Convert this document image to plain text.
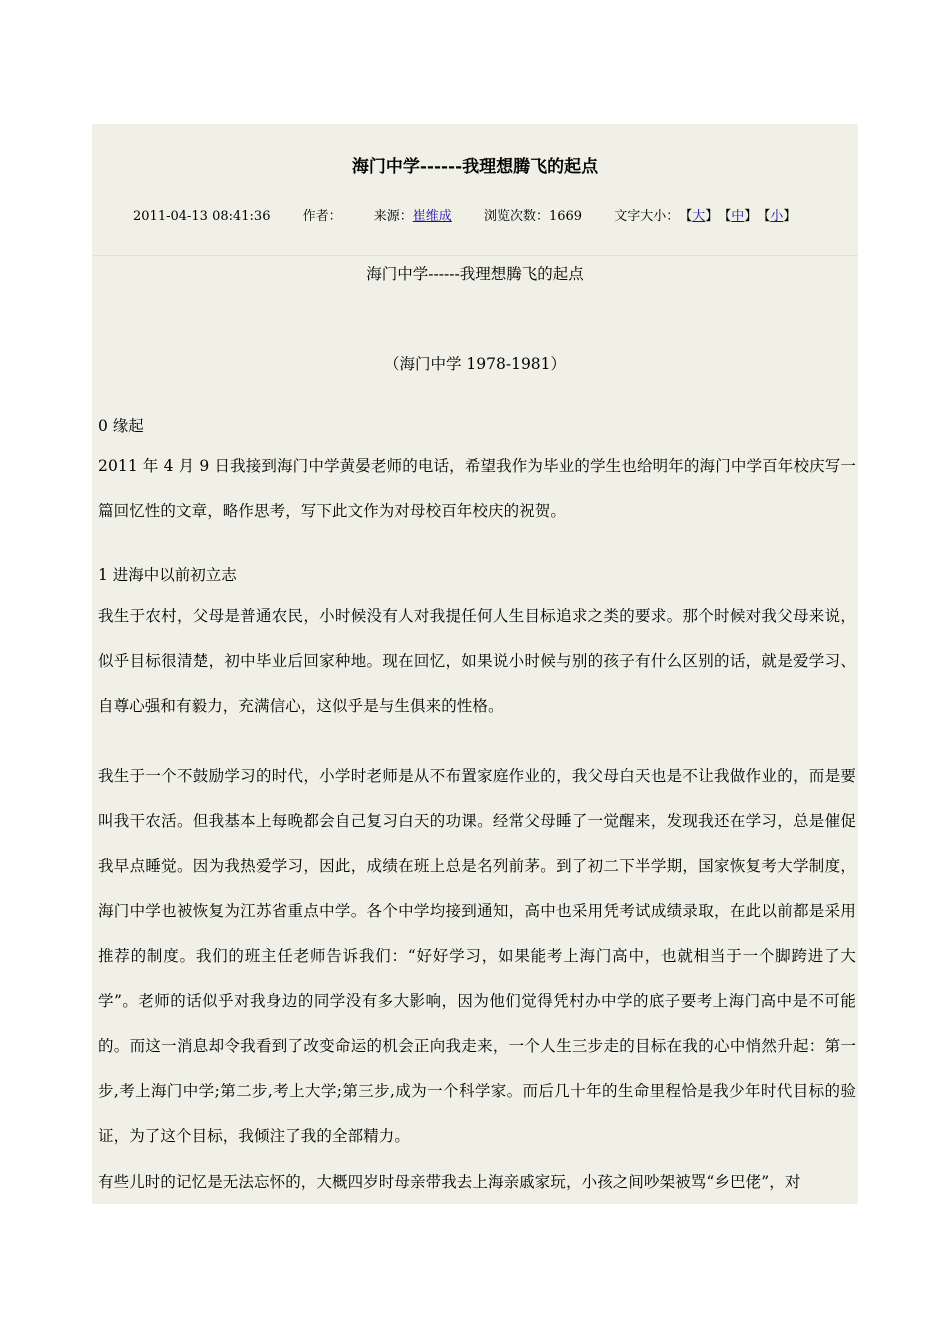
海门中学------我理想腾飞的起点
2011-04-13 08:41:36 作者： 来源：崔维成 浏览次数：1669 文字大小：【大】【中】【小】
海门中学------我理想腾飞的起点
（海门中学 1978-1981）
0 缘起
2011 年 4 月 9 日我接到海门中学黄晏老师的电话，希望我作为毕业的学生也给明年的海门中学百年校庆写一篇回忆性的文章，略作思考，写下此文作为对母校百年校庆的祝贺。
1 进海中以前初立志
我生于农村，父母是普通农民，小时候没有人对我提任何人生目标追求之类的要求。那个时候对我父母来说，似乎目标很清楚，初中毕业后回家种地。现在回忆，如果说小时候与别的孩子有什么区别的话，就是爱学习、自尊心强和有毅力，充满信心，这似乎是与生俱来的性格。
我生于一个不鼓励学习的时代，小学时老师是从不布置家庭作业的，我父母白天也是不让我做作业的，而是要叫我干农活。但我基本上每晚都会自己复习白天的功课。经常父母睡了一觉醒来，发现我还在学习，总是催促我早点睡觉。因为我热爱学习，因此，成绩在班上总是名列前茅。到了初二下半学期，国家恢复考大学制度，海门中学也被恢复为江苏省重点中学。各个中学均接到通知，高中也采用凭考试成绩录取，在此以前都是采用推荐的制度。我们的班主任老师告诉我们：“好好学习，如果能考上海门高中，也就相当于一个脚跨进了大学”。老师的话似乎对我身边的同学没有多大影响，因为他们觉得凭村办中学的底子要考上海门高中是不可能的。而这一消息却令我看到了改变命运的机会正向我走来，一个人生三步走的目标在我的心中悄然升起：第一步,考上海门中学;第二步,考上大学;第三步,成为一个科学家。而后几十年的生命里程恰是我少年时代目标的验证，为了这个目标，我倾注了我的全部精力。
有些儿时的记忆是无法忘怀的，大概四岁时母亲带我去上海亲戚家玩，小孩之间吵架被骂“乡巴佬”，对
